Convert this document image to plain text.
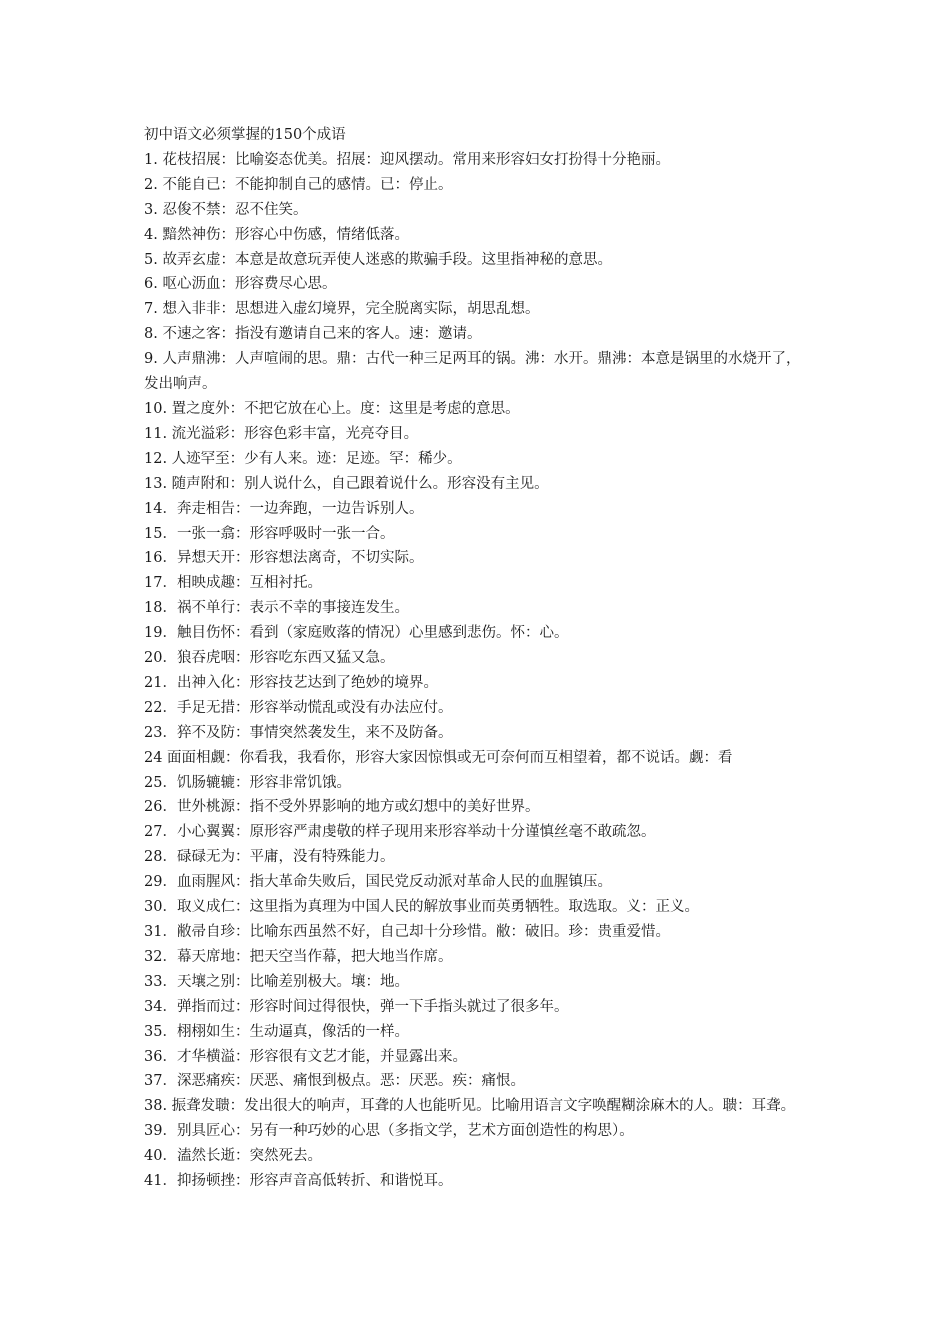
初中语文必须掌握的150个成语

1. 花枝招展：比喻姿态优美。招展：迎风摆动。常用来形容妇女打扮得十分艳丽。

2. 不能自已：不能抑制自己的感情。已：停止。

3. 忍俊不禁：忍不住笑。

4. 黯然神伤：形容心中伤感，情绪低落。

5. 故弄玄虚：本意是故意玩弄使人迷惑的欺骗手段。这里指神秘的意思。

6. 呕心沥血：形容费尽心思。

7. 想入非非：思想进入虚幻境界，完全脱离实际，胡思乱想。

8. 不速之客：指没有邀请自己来的客人。速：邀请。

9. 人声鼎沸：人声喧闹的思。鼎：古代一种三足两耳的锅。沸：水开。鼎沸：本意是锅里的水烧开了，发出响声。

10. 置之度外：不把它放在心上。度：这里是考虑的意思。

11. 流光溢彩：形容色彩丰富，光亮夺目。

12. 人迹罕至：少有人来。迹：足迹。罕：稀少。

13. 随声附和：别人说什么，自己跟着说什么。形容没有主见。

14．奔走相告：一边奔跑，一边告诉别人。

15．一张一翕：形容呼吸时一张一合。

16．异想天开：形容想法离奇，不切实际。

17．相映成趣：互相衬托。

18．祸不单行：表示不幸的事接连发生。

19．触目伤怀：看到（家庭败落的情况）心里感到悲伤。怀：心。

20．狼吞虎咽：形容吃东西又猛又急。

21．出神入化：形容技艺达到了绝妙的境界。

22．手足无措：形容举动慌乱或没有办法应付。

23．猝不及防：事情突然袭发生，来不及防备。

24 面面相觑：你看我，我看你，形容大家因惊惧或无可奈何而互相望着，都不说话。觑：看

25．饥肠辘辘：形容非常饥饿。

26．世外桃源：指不受外界影响的地方或幻想中的美好世界。

27．小心翼翼：原形容严肃虔敬的样子现用来形容举动十分谨慎丝毫不敢疏忽。

28．碌碌无为：平庸，没有特殊能力。

29．血雨腥风：指大革命失败后，国民党反动派对革命人民的血腥镇压。

30．取义成仁：这里指为真理为中国人民的解放事业而英勇牺牲。取选取。义：正义。

31．敝帚自珍：比喻东西虽然不好，自己却十分珍惜。敝：破旧。珍：贵重爱惜。

32．幕天席地：把天空当作幕，把大地当作席。

33．天壤之别：比喻差别极大。壤：地。

34．弹指而过：形容时间过得很快，弹一下手指头就过了很多年。

35．栩栩如生：生动逼真，像活的一样。

36．才华横溢：形容很有文艺才能，并显露出来。

37．深恶痛疾：厌恶、痛恨到极点。恶：厌恶。疾：痛恨。

38. 振聋发聩：发出很大的响声，耳聋的人也能听见。比喻用语言文字唤醒糊涂麻木的人。聩：耳聋。

39．别具匠心：另有一种巧妙的心思（多指文学，艺术方面创造性的构思）。

40．溘然长逝：突然死去。

41．抑扬顿挫：形容声音高低转折、和谐悦耳。
